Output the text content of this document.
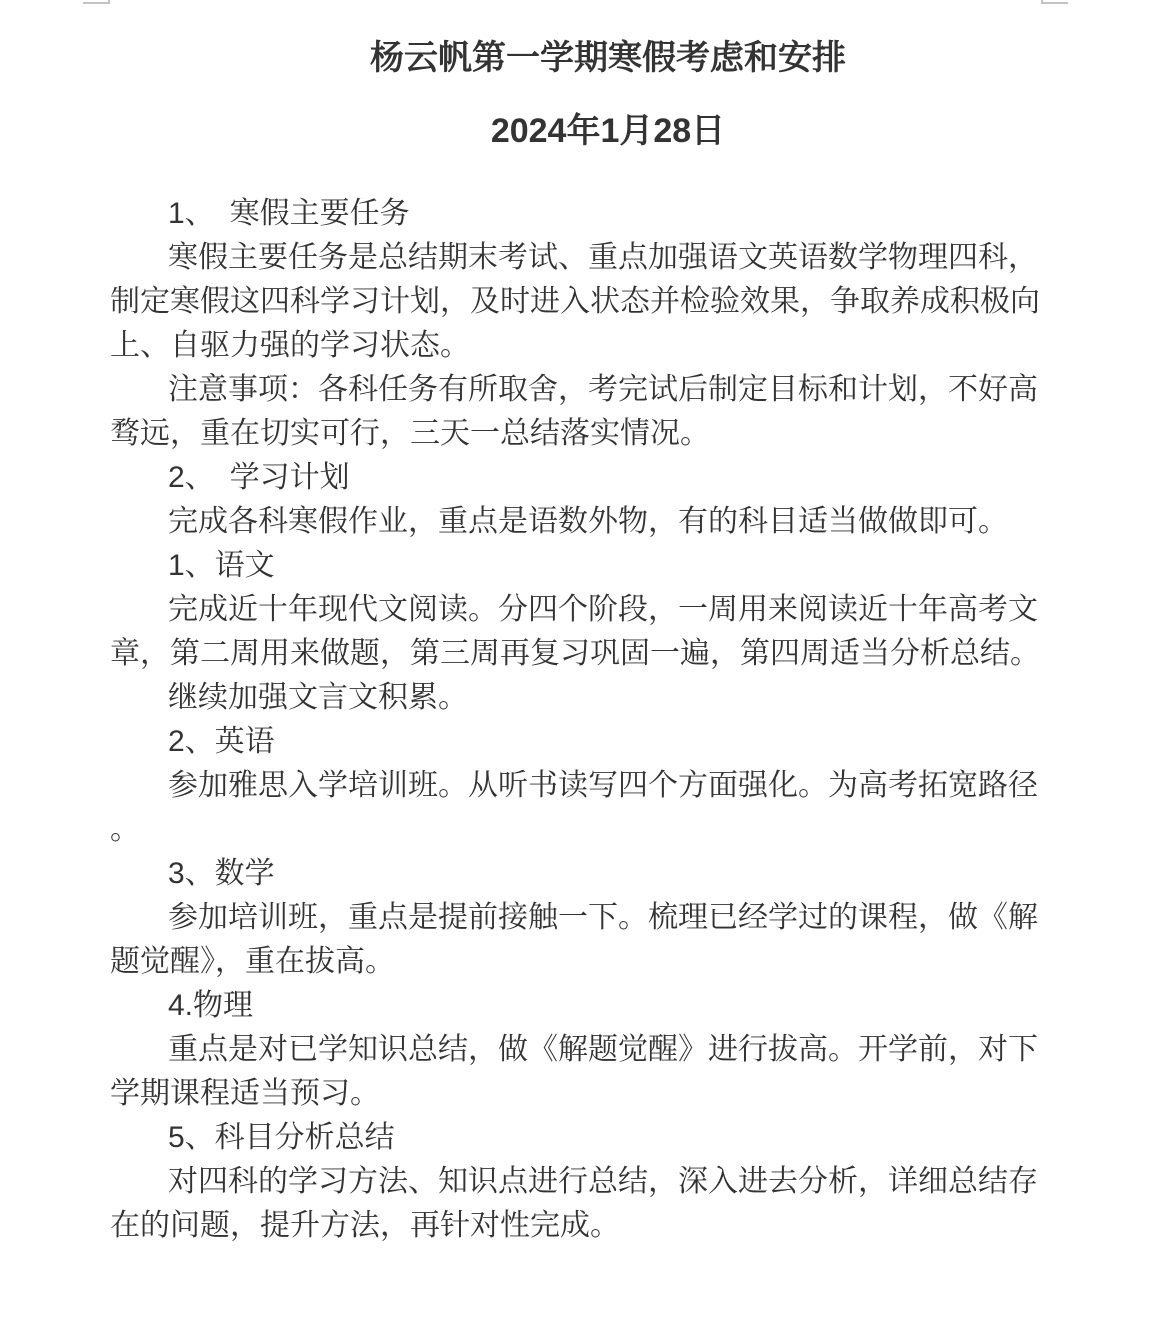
杨云帆第一学期寒假考虑和安排
2024年1月28日
1、　寒假主要任务
寒假主要任务是总结期末考试、重点加强语文英语数学物理四科，
制定寒假这四科学习计划，及时进入状态并检验效果，争取养成积极向
上、自驱力强的学习状态。
注意事项：各科任务有所取舍，考完试后制定目标和计划，不好高
骛远，重在切实可行，三天一总结落实情况。
2、　学习计划
完成各科寒假作业，重点是语数外物，有的科目适当做做即可。
1、语文
完成近十年现代文阅读。分四个阶段，一周用来阅读近十年高考文
章，第二周用来做题，第三周再复习巩固一遍，第四周适当分析总结。
继续加强文言文积累。
2、英语
参加雅思入学培训班。从听书读写四个方面强化。为高考拓宽路径
。
3、数学
参加培训班，重点是提前接触一下。梳理已经学过的课程，做《解
题觉醒》，重在拔高。
4.物理
重点是对已学知识总结，做《解题觉醒》进行拔高。开学前，对下
学期课程适当预习。
5、科目分析总结
对四科的学习方法、知识点进行总结，深入进去分析，详细总结存
在的问题，提升方法，再针对性完成。
